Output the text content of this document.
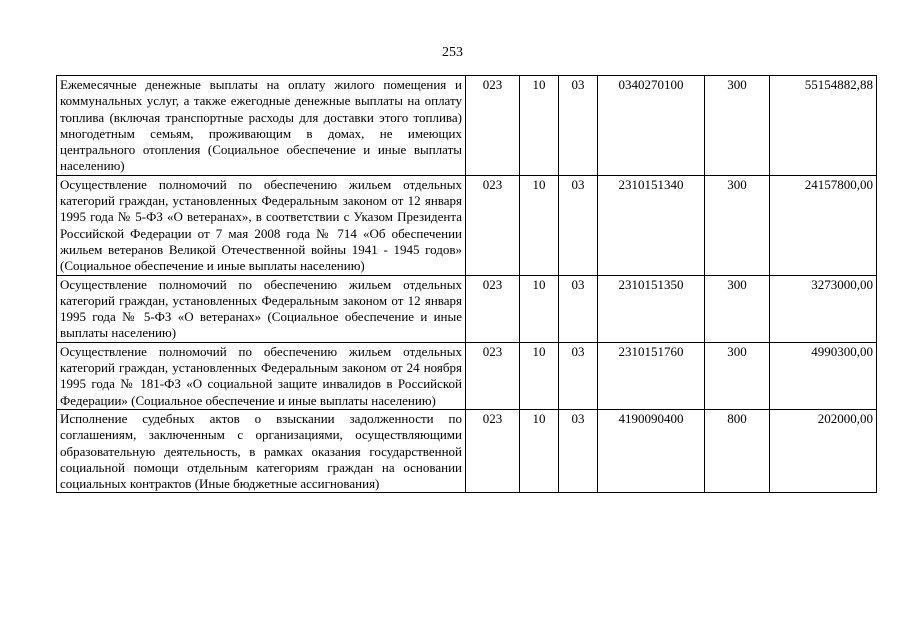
253
Ежемесячные денежные выплаты на оплату жилого помещения и коммунальных услуг, а также ежегодные денежные выплаты на оплату топлива (включая транспортные расходы для доставки этого топлива) многодетным семьям, проживающим в домах, не имеющих центрального отопления (Социальное обеспечение и иные выплаты населению)	023	10	03	0340270100	300	55154882,88
Осуществление полномочий по обеспечению жильем отдельных категорий граждан, установленных Федеральным законом от 12 января 1995 года № 5-ФЗ «О ветеранах», в соответствии с Указом Президента Российской Федерации от 7 мая 2008 года № 714 «Об обеспечении жильем ветеранов Великой Отечественной войны 1941 - 1945 годов» (Социальное обеспечение и иные выплаты населению)	023	10	03	2310151340	300	24157800,00
Осуществление полномочий по обеспечению жильем отдельных категорий граждан, установленных Федеральным законом от 12 января 1995 года № 5-ФЗ «О ветеранах» (Социальное обеспечение и иные выплаты населению)	023	10	03	2310151350	300	3273000,00
Осуществление полномочий по обеспечению жильем отдельных категорий граждан, установленных Федеральным законом от 24 ноября 1995 года № 181-ФЗ «О социальной защите инвалидов в Российской Федерации» (Социальное обеспечение и иные выплаты населению)	023	10	03	2310151760	300	4990300,00
Исполнение судебных актов о взыскании задолженности по соглашениям, заключенным с организациями, осуществляющими образовательную деятельность, в рамках оказания государственной социальной помощи отдельным категориям граждан на основании социальных контрактов (Иные бюджетные ассигнования)	023	10	03	4190090400	800	202000,00
